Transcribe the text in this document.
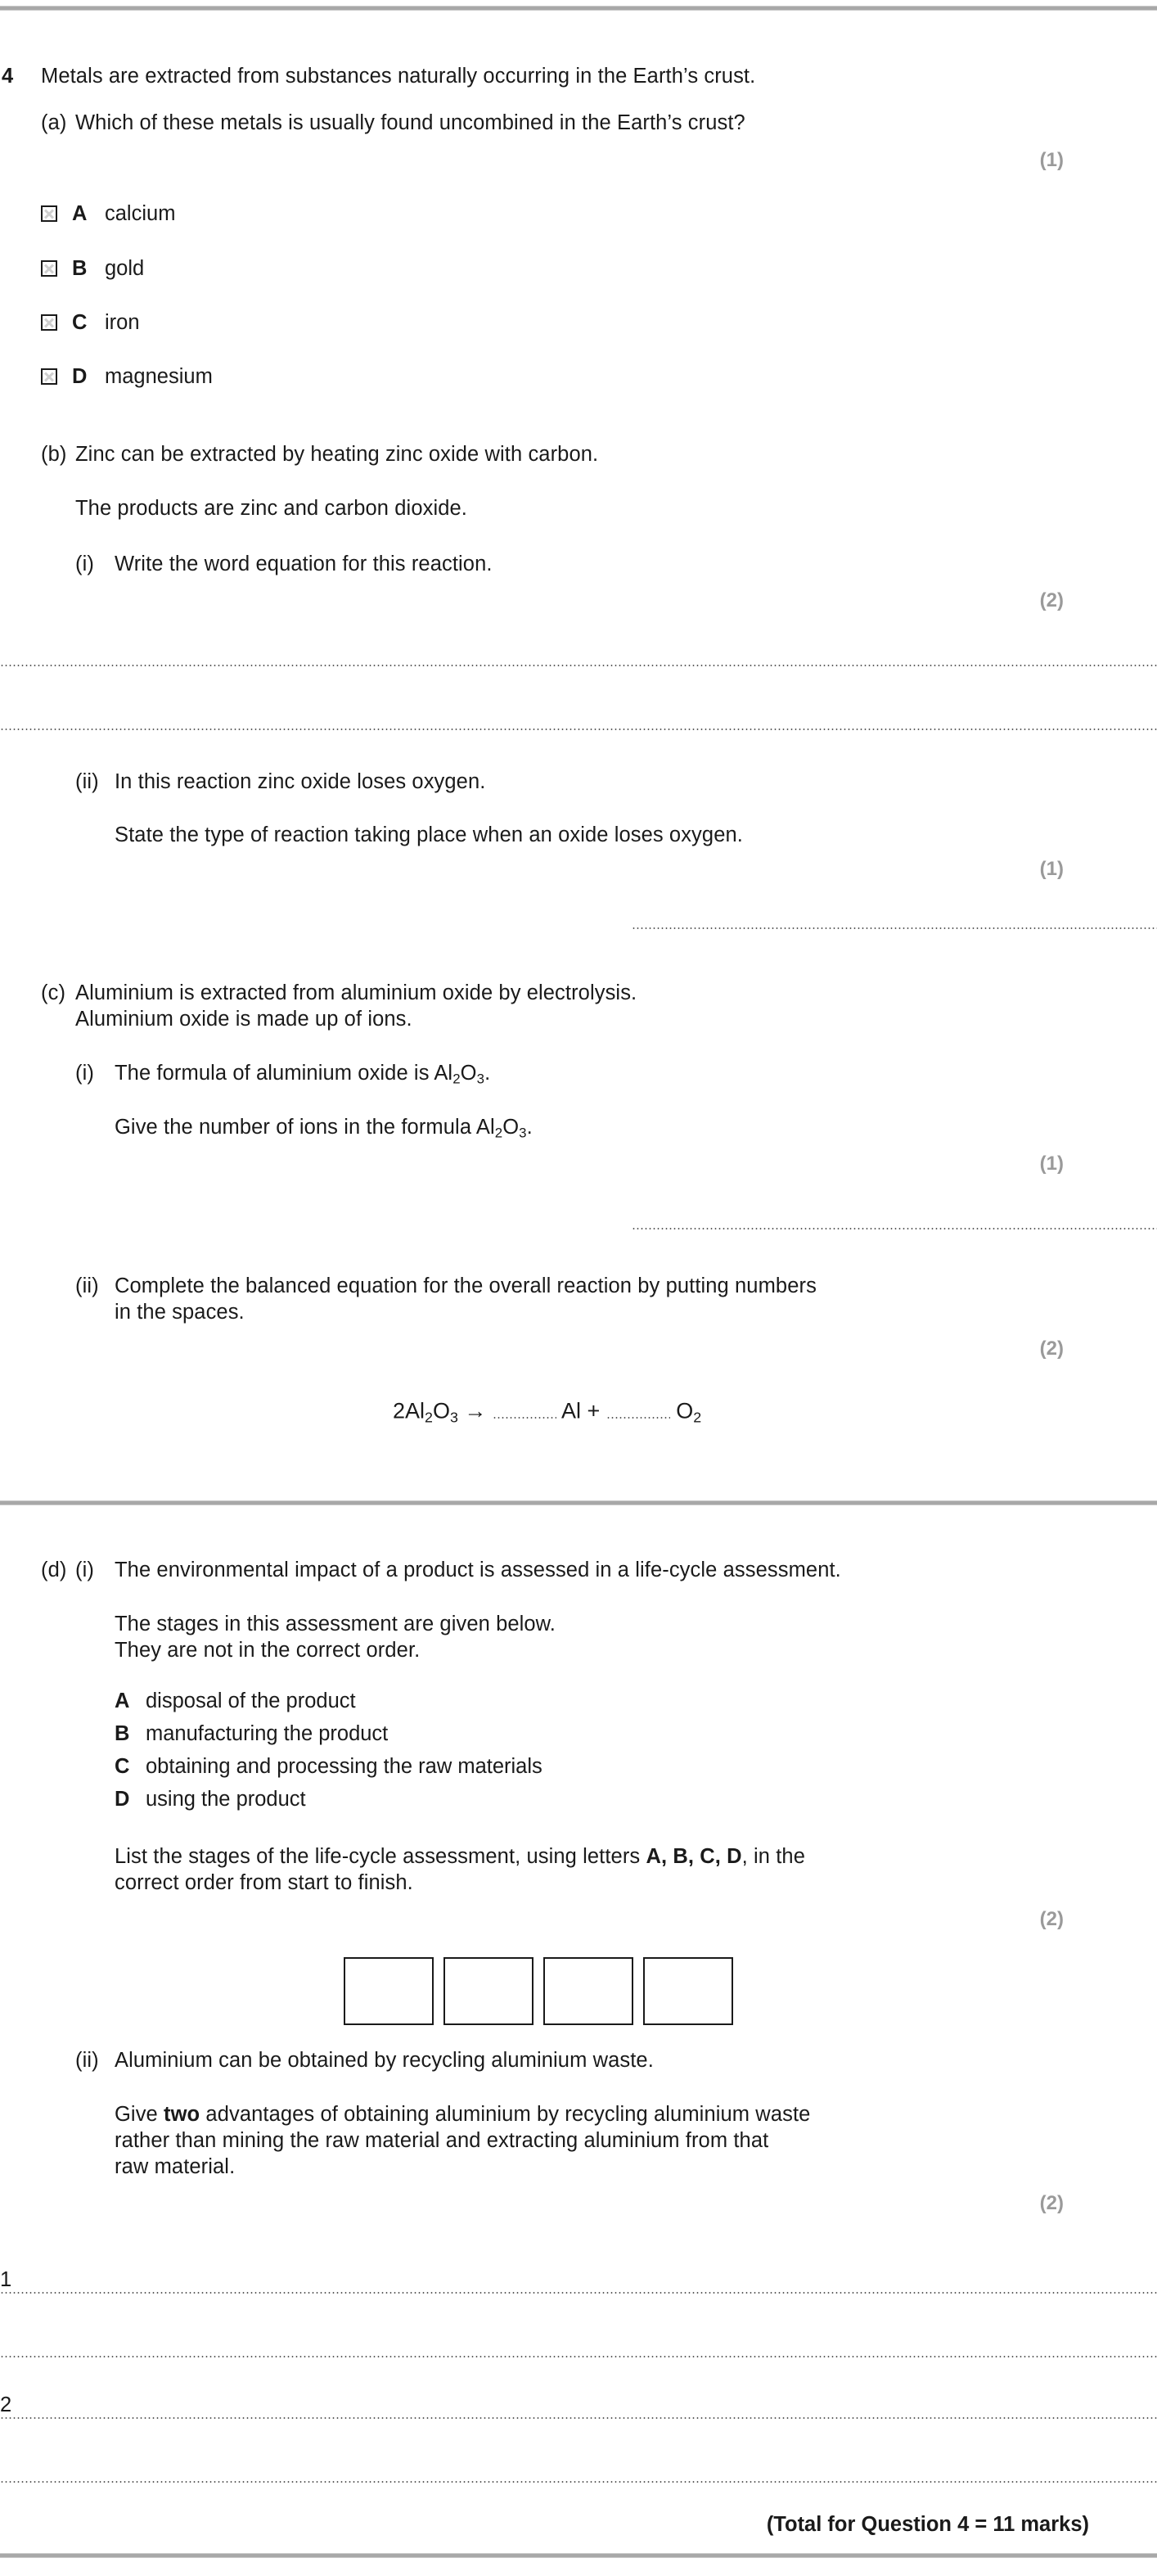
4 Metals are extracted from substances naturally occurring in the Earth’s crust.
(a) Which of these metals is usually found uncombined in the Earth’s crust?
(1)
A calcium
B gold
C iron
D magnesium
(b) Zinc can be extracted by heating zinc oxide with carbon.
The products are zinc and carbon dioxide.
(i) Write the word equation for this reaction.
(2)
(ii) In this reaction zinc oxide loses oxygen.
State the type of reaction taking place when an oxide loses oxygen.
(1)
(c) Aluminium is extracted from aluminium oxide by electrolysis.
Aluminium oxide is made up of ions.
(i) The formula of aluminium oxide is $Al_2O_3$.
Give the number of ions in the formula $Al_2O_3$.
(1)
(ii) Complete the balanced equation for the overall reaction by putting numbers
in the spaces.
(2)
$2Al_2O_3$ →	Al +	$O_2$
(d) (i) The environmental impact of a product is assessed in a life-cycle assessment.
The stages in this assessment are given below.
They are not in the correct order.
A disposal of the product
B manufacturing the product
C obtaining and processing the raw materials
D using the product
List the stages of the life-cycle assessment, using letters A, B, C, D, in the
correct order from start to finish.
(2)
(ii) Aluminium can be obtained by recycling aluminium waste.
Give two advantages of obtaining aluminium by recycling aluminium waste
rather than mining the raw material and extracting aluminium from that
raw material.
(2)
1
2
(Total for Question 4 = 11 marks)
